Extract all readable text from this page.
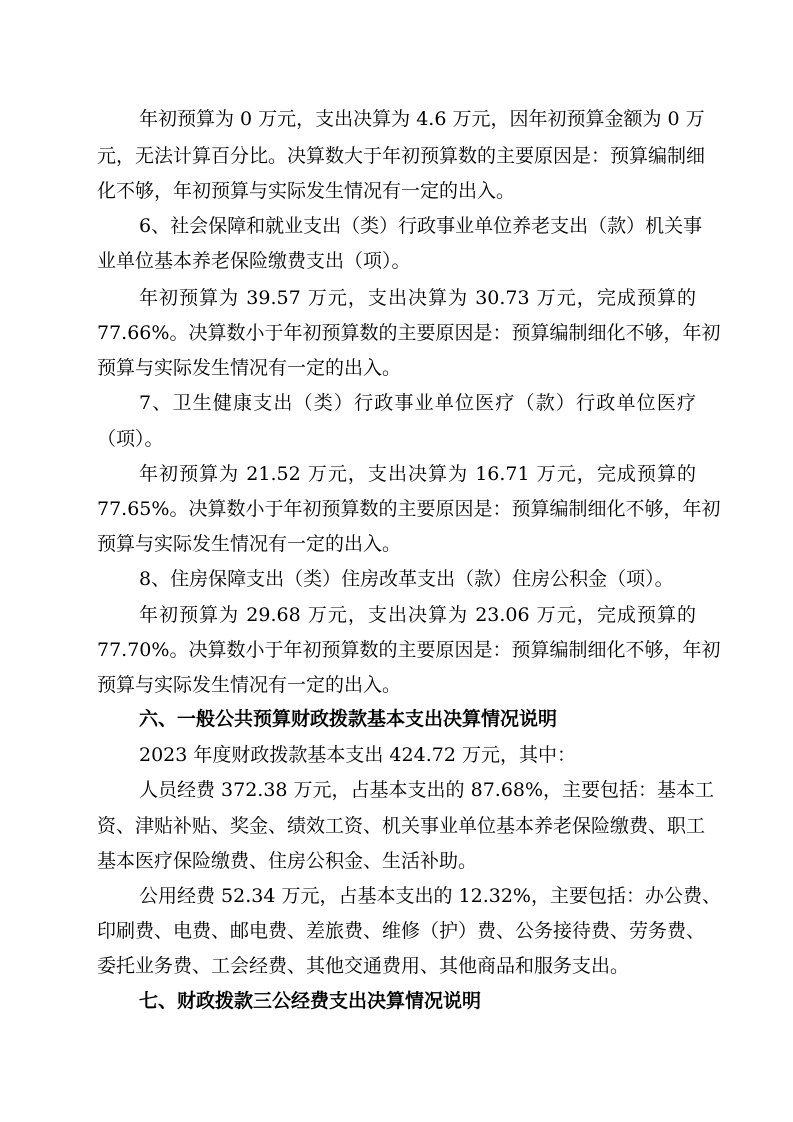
年初预算为 0 万元，支出决算为 4.6 万元，因年初预算金额为 0 万
元，无法计算百分比。决算数大于年初预算数的主要原因是：预算编制细
化不够，年初预算与实际发生情况有一定的出入。
6、社会保障和就业支出（类）行政事业单位养老支出（款）机关事
业单位基本养老保险缴费支出（项）。
年初预算为 39.57 万元，支出决算为 30.73 万元，完成预算的
77.66%。决算数小于年初预算数的主要原因是：预算编制细化不够，年初
预算与实际发生情况有一定的出入。
7、卫生健康支出（类）行政事业单位医疗（款）行政单位医疗
（项）。
年初预算为 21.52 万元，支出决算为 16.71 万元，完成预算的
77.65%。决算数小于年初预算数的主要原因是：预算编制细化不够，年初
预算与实际发生情况有一定的出入。
8、住房保障支出（类）住房改革支出（款）住房公积金（项）。
年初预算为 29.68 万元，支出决算为 23.06 万元，完成预算的
77.70%。决算数小于年初预算数的主要原因是：预算编制细化不够，年初
预算与实际发生情况有一定的出入。
六、一般公共预算财政拨款基本支出决算情况说明
2023 年度财政拨款基本支出 424.72 万元，其中：
人员经费 372.38 万元，占基本支出的 87.68%，主要包括：基本工
资、津贴补贴、奖金、绩效工资、机关事业单位基本养老保险缴费、职工
基本医疗保险缴费、住房公积金、生活补助。
公用经费 52.34 万元，占基本支出的 12.32%，主要包括：办公费、
印刷费、电费、邮电费、差旅费、维修（护）费、公务接待费、劳务费、
委托业务费、工会经费、其他交通费用、其他商品和服务支出。
七、财政拨款三公经费支出决算情况说明
